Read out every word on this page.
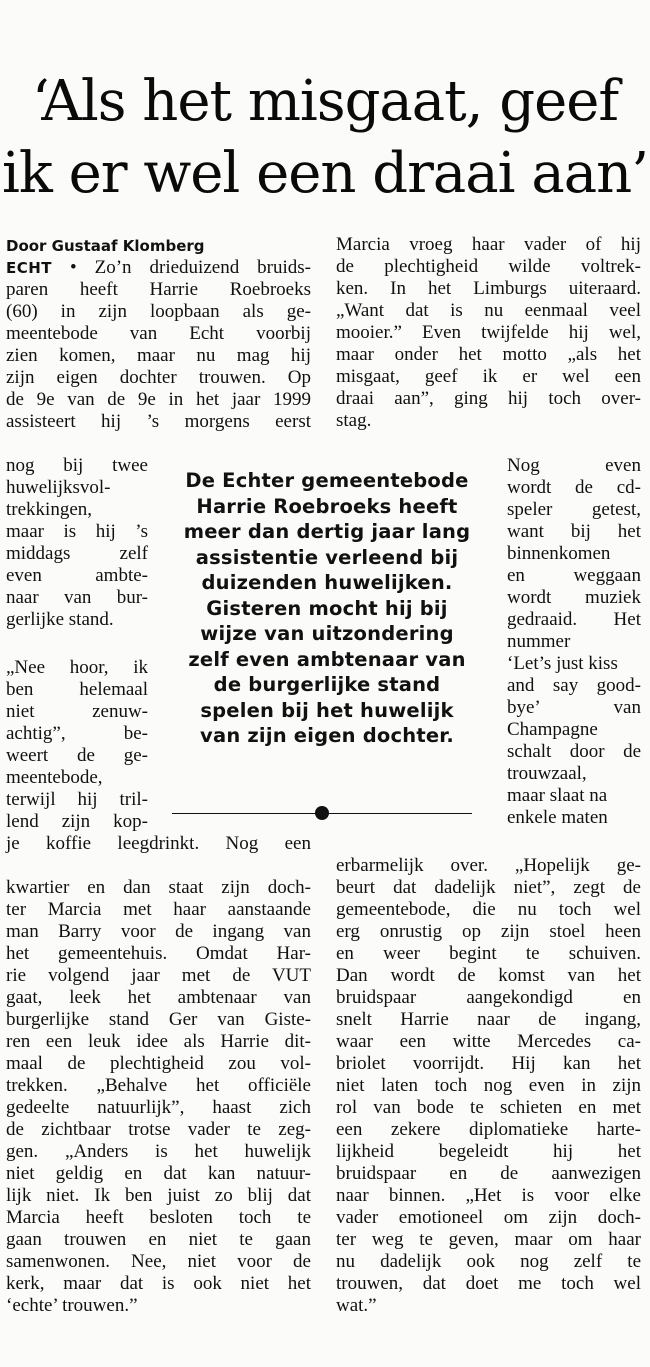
‘Als het misgaat, geef
ik er wel een draai aan’
Door Gustaaf Klomberg

ECHT • Zo’n drieduizend bruids-

paren heeft Harrie Roebroeks

(60) in zijn loopbaan als ge-

meentebode van Echt voorbij

zien komen, maar nu mag hij

zijn eigen dochter trouwen. Op

de 9e van de 9e in het jaar 1999

assisteert hij ’s morgens eerst

nog bij twee

huwelijksvol-

trekkingen,

maar is hij ’s

middags zelf

even ambte-

naar van bur-

gerlijke stand.

„Nee hoor, ik

ben helemaal

niet zenuw-

achtig”, be-

weert de ge-

meentebode,

terwijl hij tril-

lend zijn kop-

je koffie leegdrinkt. Nog een

kwartier en dan staat zijn doch-

ter Marcia met haar aanstaande

man Barry voor de ingang van

het gemeentehuis. Omdat Har-

rie volgend jaar met de VUT

gaat, leek het ambtenaar van

burgerlijke stand Ger van Giste-

ren een leuk idee als Harrie dit-

maal de plechtigheid zou vol-

trekken. „Behalve het officiële

gedeelte natuurlijk”, haast zich

de zichtbaar trotse vader te zeg-

gen. „Anders is het huwelijk

niet geldig en dat kan natuur-

lijk niet. Ik ben juist zo blij dat

Marcia heeft besloten toch te

gaan trouwen en niet te gaan

samenwonen. Nee, niet voor de

kerk, maar dat is ook niet het

‘echte’ trouwen.”

Marcia vroeg haar vader of hij

de plechtigheid wilde voltrek-

ken. In het Limburgs uiteraard.

„Want dat is nu eenmaal veel

mooier.” Even twijfelde hij wel,

maar onder het motto „als het

misgaat, geef ik er wel een

draai aan”, ging hij toch over-

stag.

Nog even

wordt de cd-

speler getest,

want bij het

binnenkomen

en weggaan

wordt muziek

gedraaid. Het

nummer

‘Let’s just kiss

and say good-

bye’ van

Champagne

schalt door de

trouwzaal,

maar slaat na

enkele maten

erbarmelijk over. „Hopelijk ge-

beurt dat dadelijk niet”, zegt de

gemeentebode, die nu toch wel

erg onrustig op zijn stoel heen

en weer begint te schuiven.

Dan wordt de komst van het

bruidspaar aangekondigd en

snelt Harrie naar de ingang,

waar een witte Mercedes ca-

briolet voorrijdt. Hij kan het

niet laten toch nog even in zijn

rol van bode te schieten en met

een zekere diplomatieke harte-

lijkheid begeleidt hij het

bruidspaar en de aanwezigen

naar binnen. „Het is voor elke

vader emotioneel om zijn doch-

ter weg te geven, maar om haar

nu dadelijk ook nog zelf te

trouwen, dat doet me toch wel

wat.”

De Echter gemeentebode
Harrie Roebroeks heeft
meer dan dertig jaar lang
assistentie verleend bij
duizenden huwelijken.
Gisteren mocht hij bij
wijze van uitzondering
zelf even ambtenaar van
de burgerlijke stand
spelen bij het huwelijk
van zijn eigen dochter.
